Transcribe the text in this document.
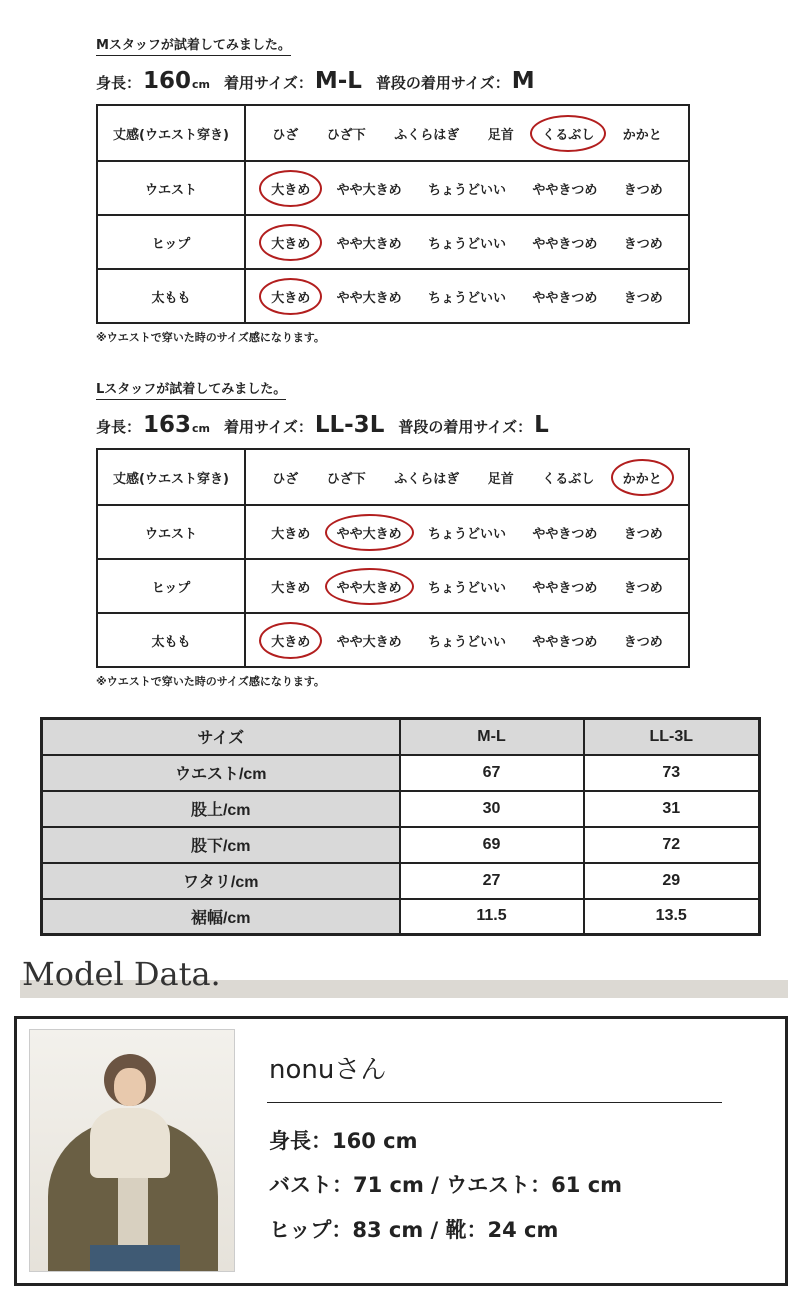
Mスタッフが試着してみました。
身長： 160 cm 着用サイズ： M-L 普段の着用サイズ： M
丈感(ウエスト穿き)	ひざ ひざ下 ふくらはぎ 足首 くるぶし かかと
ウエスト	大きめ やや大きめ ちょうどいい ややきつめ きつめ
ヒップ	大きめ やや大きめ ちょうどいい ややきつめ きつめ
太もも	大きめ やや大きめ ちょうどいい ややきつめ きつめ
※ウエストで穿いた時のサイズ感になります。
Lスタッフが試着してみました。
身長： 163 cm 着用サイズ： LL-3L 普段の着用サイズ： L
丈感(ウエスト穿き)	ひざ ひざ下 ふくらはぎ 足首 くるぶし かかと
ウエスト	大きめ やや大きめ ちょうどいい ややきつめ きつめ
ヒップ	大きめ やや大きめ ちょうどいい ややきつめ きつめ
太もも	大きめ やや大きめ ちょうどいい ややきつめ きつめ
※ウエストで穿いた時のサイズ感になります。
サイズ	M-L	LL-3L
ウエスト/cm	67	73
股上/cm	30	31
股下/cm	69	72
ワタリ/cm	27	29
裾幅/cm	11.5	13.5
Model Data.
nonuさん
身長：160 cm
バスト：71 cm / ウエスト：61 cm
ヒップ：83 cm / 靴：24 cm
